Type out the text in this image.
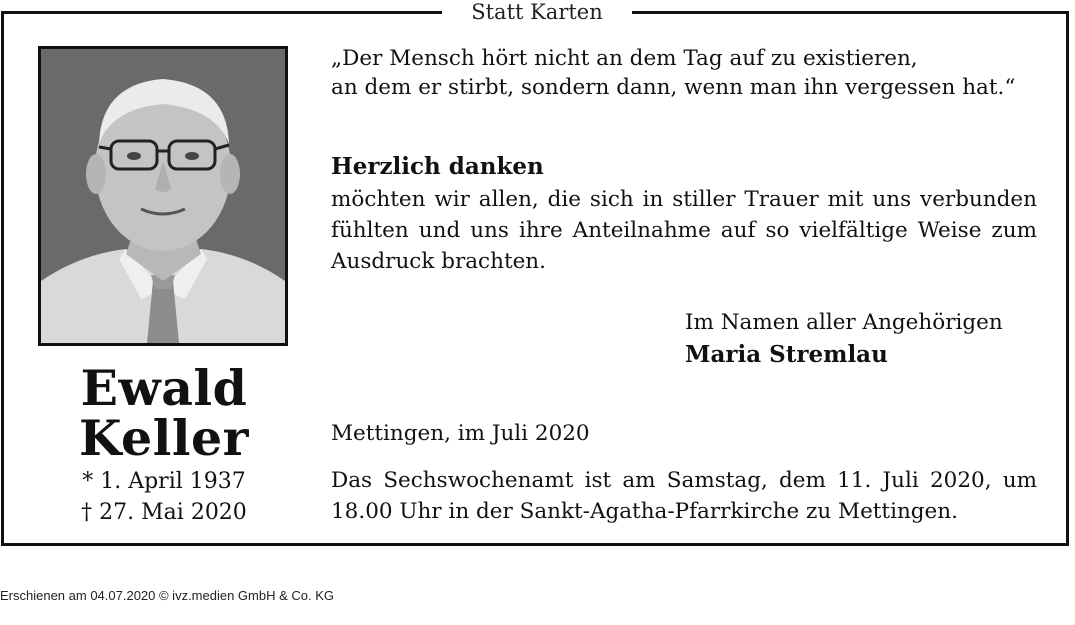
Statt Karten
Ewald
Keller
* 1. April 1937
† 27. Mai 2020
„Der Mensch hört nicht an dem Tag auf zu existieren,
an dem er stirbt, sondern dann, wenn man ihn vergessen hat.“
Herzlich danken
möchten wir allen, die sich in stiller Trauer mit uns verbunden fühlten und uns ihre Anteilnahme auf so vielfältige Weise zum Ausdruck brachten.
Im Namen aller Angehörigen
Maria Stremlau
Mettingen, im Juli 2020
Das Sechswochenamt ist am Samstag, dem 11. Juli 2020, um 18.00 Uhr in der Sankt-Agatha-Pfarrkirche zu Mettingen.
Erschienen am 04.07.2020 © ivz.medien GmbH & Co. KG
